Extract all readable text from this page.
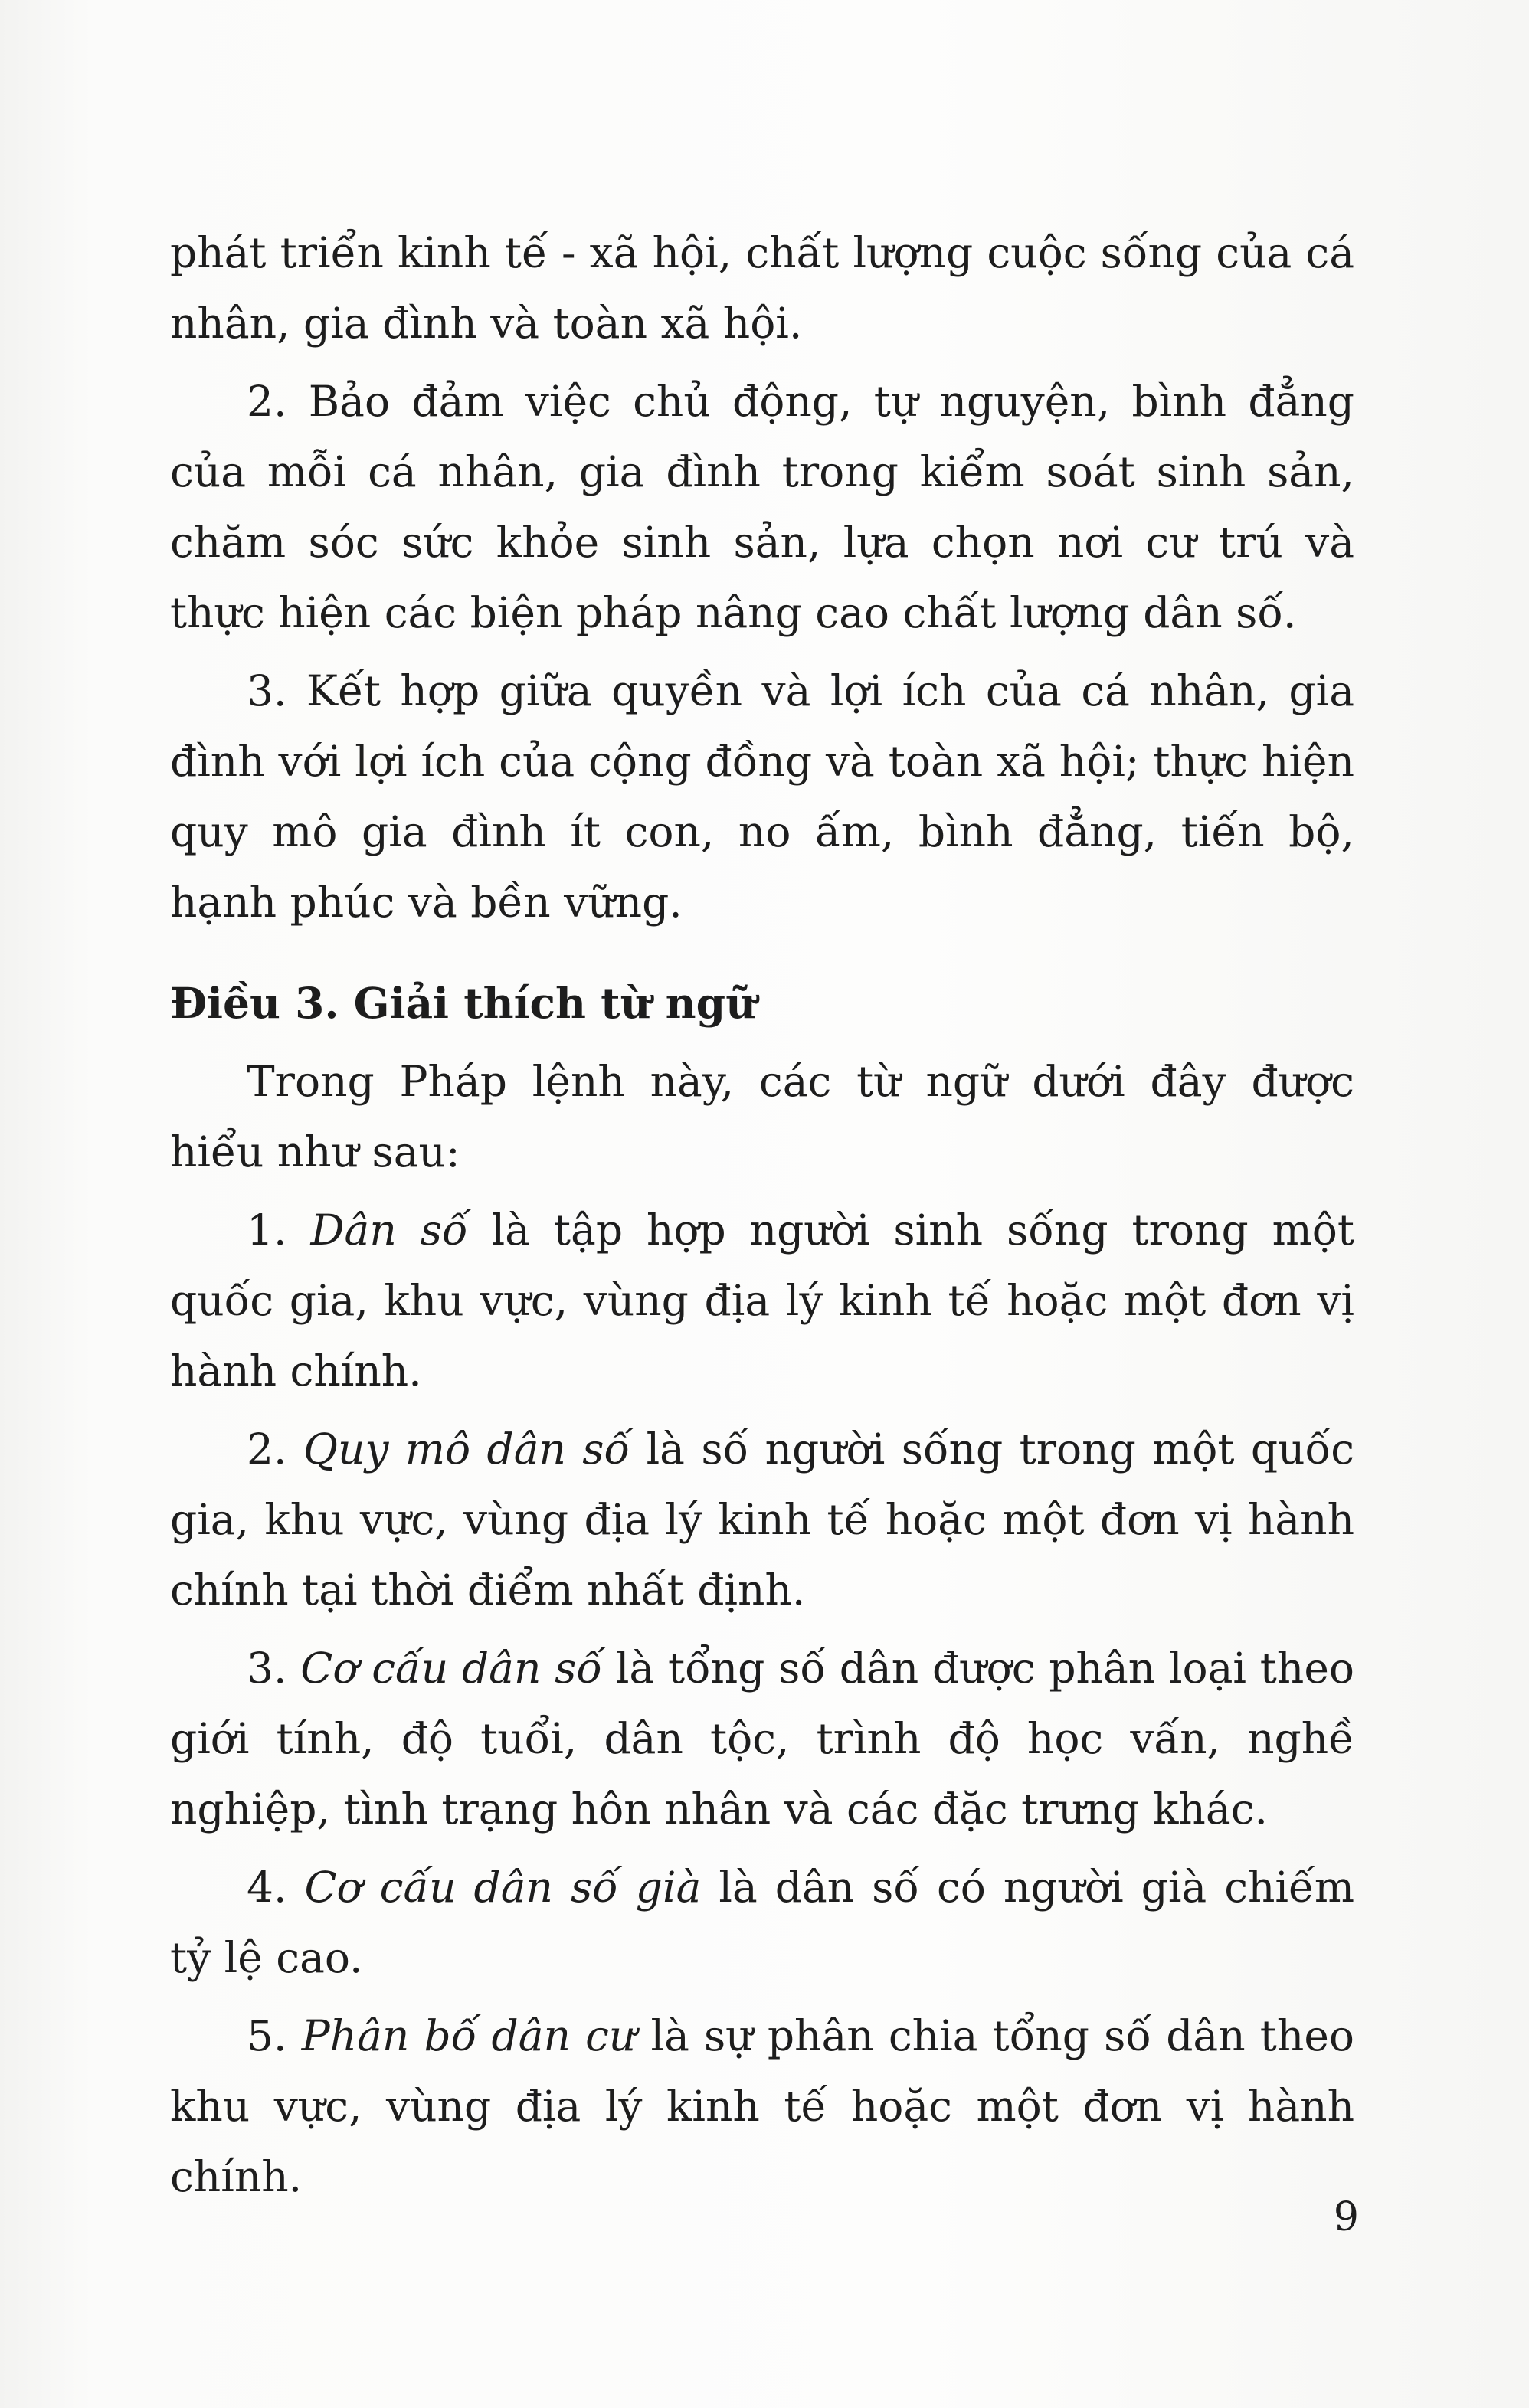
phát triển kinh tế - xã hội, chất lượng cuộc sống của cá nhân, gia đình và toàn xã hội.

2. Bảo đảm việc chủ động, tự nguyện, bình đẳng của mỗi cá nhân, gia đình trong kiểm soát sinh sản, chăm sóc sức khỏe sinh sản, lựa chọn nơi cư trú và thực hiện các biện pháp nâng cao chất lượng dân số.

3. Kết hợp giữa quyền và lợi ích của cá nhân, gia đình với lợi ích của cộng đồng và toàn xã hội; thực hiện quy mô gia đình ít con, no ấm, bình đẳng, tiến bộ, hạnh phúc và bền vững.

Điều 3. Giải thích từ ngữ

Trong Pháp lệnh này, các từ ngữ dưới đây được hiểu như sau:

1. Dân số là tập hợp người sinh sống trong một quốc gia, khu vực, vùng địa lý kinh tế hoặc một đơn vị hành chính.

2. Quy mô dân số là số người sống trong một quốc gia, khu vực, vùng địa lý kinh tế hoặc một đơn vị hành chính tại thời điểm nhất định.

3. Cơ cấu dân số là tổng số dân được phân loại theo giới tính, độ tuổi, dân tộc, trình độ học vấn, nghề nghiệp, tình trạng hôn nhân và các đặc trưng khác.

4. Cơ cấu dân số già là dân số có người già chiếm tỷ lệ cao.

5. Phân bố dân cư là sự phân chia tổng số dân theo khu vực, vùng địa lý kinh tế hoặc một đơn vị hành chính.

9
